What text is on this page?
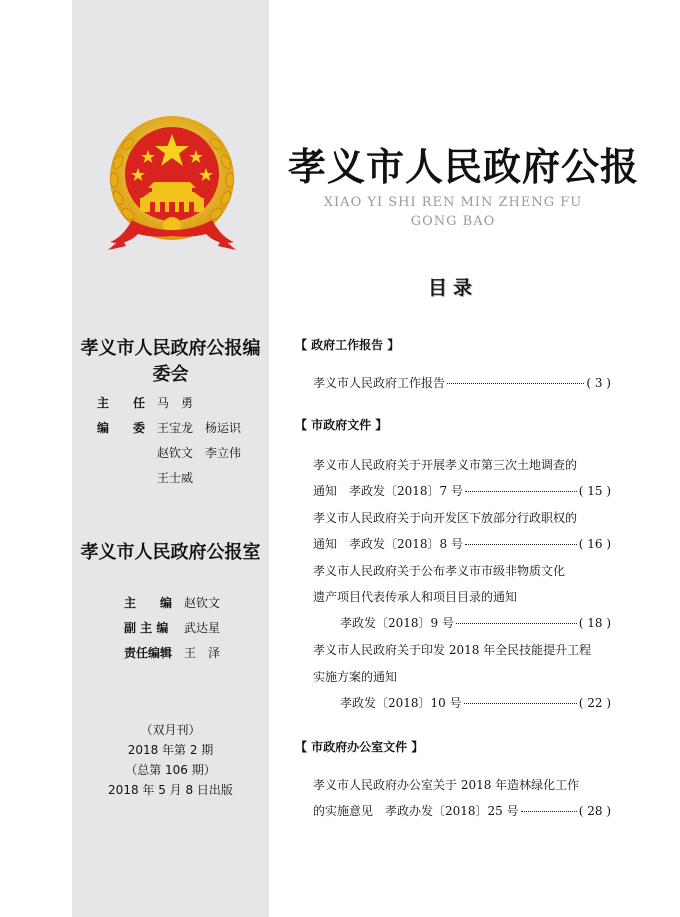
孝义市人民政府公报编委会
主　　任 马　勇
编　　委 王宝龙　杨运识
赵钦文　李立伟
王士威
孝义市人民政府公报室
主　　编 赵钦文
副 主 编 武达星
责任编辑 王　泽
（双月刊）
2018 年第 2 期
（总第 106 期）
2018 年 5 月 8 日出版
孝义市人民政府公报
XIAO YI SHI REN MIN ZHENG FU
GONG BAO
目录
【 政府工作报告 】
孝义市人民政府工作报告	( 3 )
【 市政府文件 】
孝义市人民政府关于开展孝义市第三次土地调查的
通知　孝政发〔2018〕7 号	( 15 )
孝义市人民政府关于向开发区下放部分行政职权的
通知　孝政发〔2018〕8 号	( 16 )
孝义市人民政府关于公布孝义市市级非物质文化
遗产项目代表传承人和项目目录的通知
孝政发〔2018〕9 号	( 18 )
孝义市人民政府关于印发 2018 年全民技能提升工程
实施方案的通知
孝政发〔2018〕10 号	( 22 )
【 市政府办公室文件 】
孝义市人民政府办公室关于 2018 年造林绿化工作
的实施意见　孝政办发〔2018〕25 号	( 28 )
